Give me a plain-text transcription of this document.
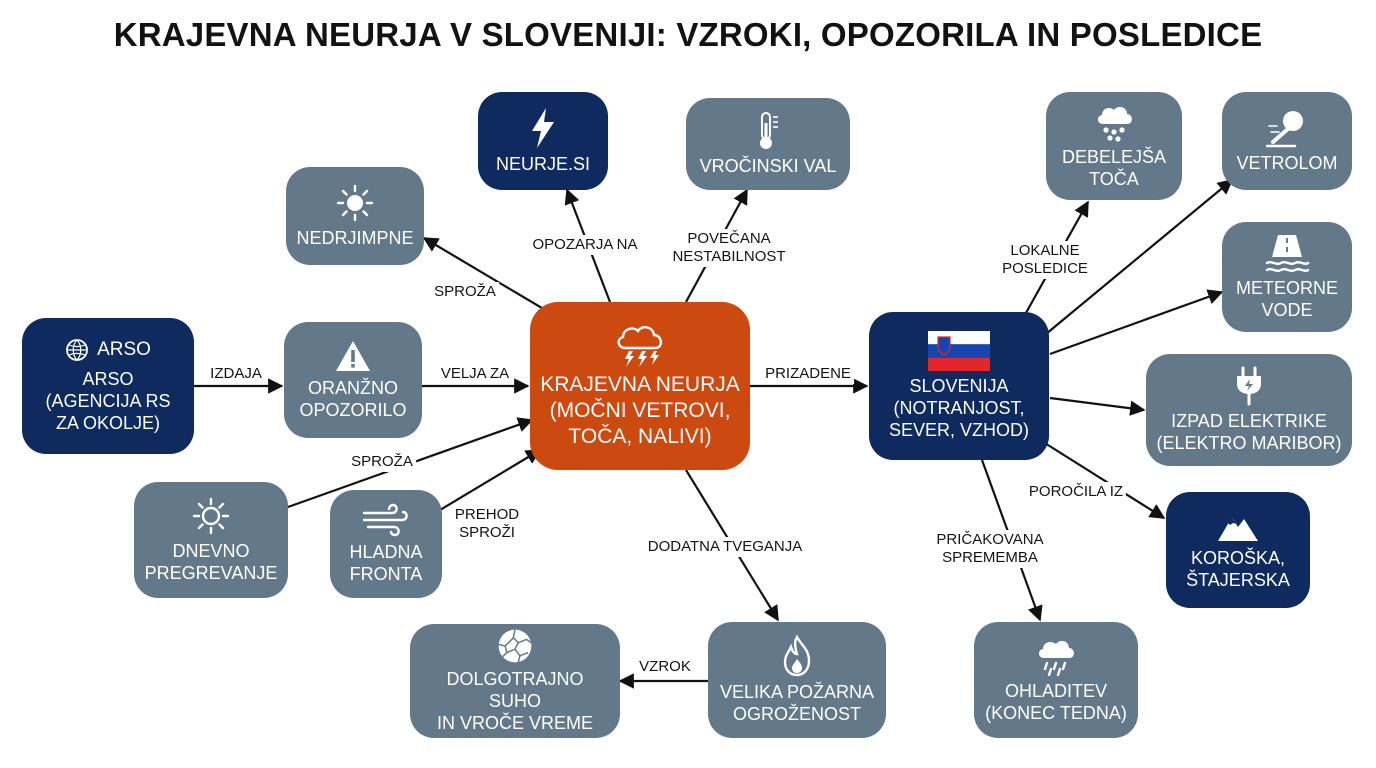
KRAJEVNA NEURJA V SLOVENIJI: VZROKI, OPOZORILA IN POSLEDICE
IZDAJA	VELJA ZA
SPROŽA
OPOZARJA NA	POVEČANA
NESTABILNOST
SPROŽA
PREHOD
SPROŽI
PRIZADENE
DODATNA TVEGANJA
VZROK
LOKALNE
POSLEDICE
POROČILA IZ
PRIČAKOVANA
SPREMEMBA
ARSO
ARSO
(AGENCIJA RS
ZA OKOLJE)
ORANŽNO
OPOZORILO
NEDRJIMPNE
NEURJE.SI	VROČINSKI VAL
KRAJEVNA NEURJA
(MOČNI VETROVI,
TOČA, NALIVI)
DNEVNO
PREGREVANJE
HLADNA
FRONTA
SLOVENIJA
(NOTRANJOST,
SEVER, VZHOD)
DEBELEJŠA
TOČA
VETROLOM
METEORNE
VODE
IZPAD ELEKTRIKE
(ELEKTRO MARIBOR)
KOROŠKA,
ŠTAJERSKA
OHLADITEV
(KONEC TEDNA)
VELIKA POŽARNA
OGROŽENOST
DOLGOTRAJNO SUHO
IN VROČE VREME
